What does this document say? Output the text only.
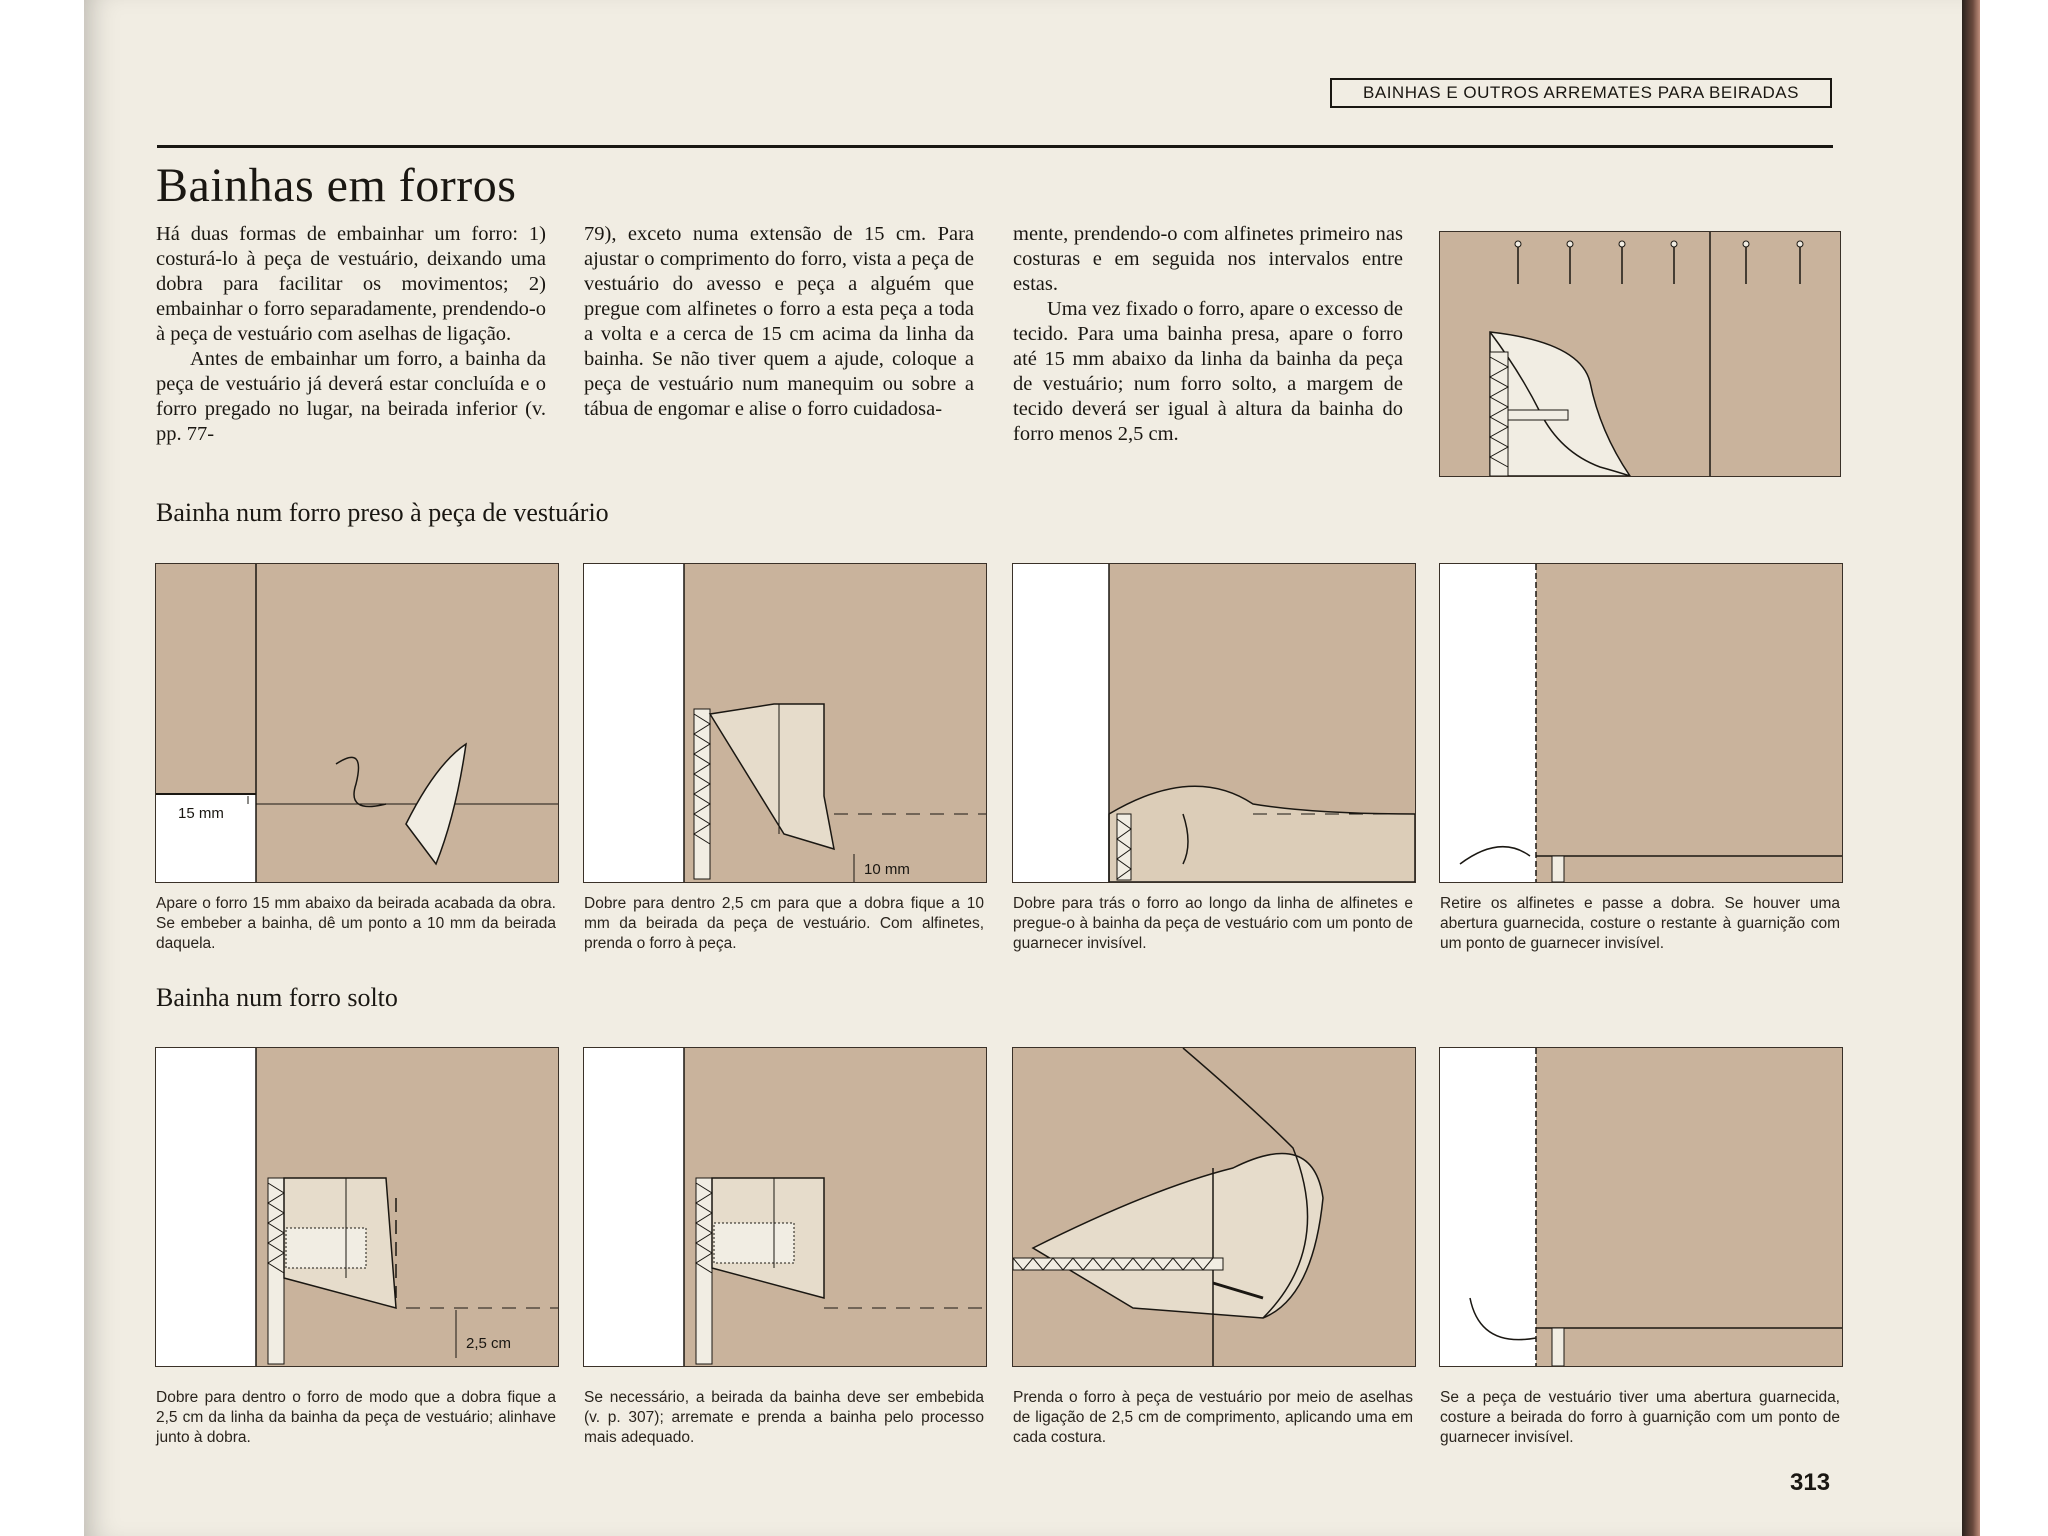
BAINHAS E OUTROS ARREMATES PARA BEIRADAS
Bainhas em forros

Há duas formas de embainhar um forro: 1) costurá-lo à peça de vestuário, deixando uma dobra para facilitar os movimentos; 2) embainhar o forro separadamente, prendendo-o à peça de vestuário com aselhas de ligação.

Antes de embainhar um forro, a bainha da peça de vestuário já deverá estar concluída e o forro pregado no lugar, na beirada inferior (v. pp. 77-

79), exceto numa extensão de 15 cm. Para ajustar o comprimento do forro, vista a peça de vestuário do avesso e peça a alguém que pregue com alfinetes o forro a esta peça a toda a volta e a cerca de 15 cm acima da linha da bainha. Se não tiver quem a ajude, coloque a peça de vestuário num manequim ou sobre a tábua de engomar e alise o forro cuidadosa-

mente, prendendo-o com alfinetes primeiro nas costuras e em seguida nos intervalos entre estas.

Uma vez fixado o forro, apare o excesso de tecido. Para uma bainha presa, apare o forro até 15 mm abaixo da linha da bainha da peça de vestuário; num forro solto, a margem de tecido deverá ser igual à altura da bainha do forro menos 2,5 cm.

Bainha num forro preso à peça de vestuário
15 mm
10 mm

Apare o forro 15 mm abaixo da beirada acabada da obra. Se embeber a bainha, dê um ponto a 10 mm da beirada daquela.

Dobre para dentro 2,5 cm para que a dobra fique a 10 mm da beirada da peça de vestuário. Com alfinetes, prenda o forro à peça.

Dobre para trás o forro ao longo da linha de alfinetes e pregue-o à bainha da peça de vestuário com um ponto de guarnecer invisível.

Retire os alfinetes e passe a dobra. Se houver uma abertura guarnecida, costure o restante à guarnição com um ponto de guarnecer invisível.

Bainha num forro solto
2,5 cm

Dobre para dentro o forro de modo que a dobra fique a 2,5 cm da linha da bainha da peça de vestuário; alinhave junto à dobra.

Se necessário, a beirada da bainha deve ser embebida (v. p. 307); arremate e prenda a bainha pelo processo mais adequado.

Prenda o forro à peça de vestuário por meio de aselhas de ligação de 2,5 cm de comprimento, aplicando uma em cada costura.

Se a peça de vestuário tiver uma abertura guarnecida, costure a beirada do forro à guarnição com um ponto de guarnecer invisível.

313
